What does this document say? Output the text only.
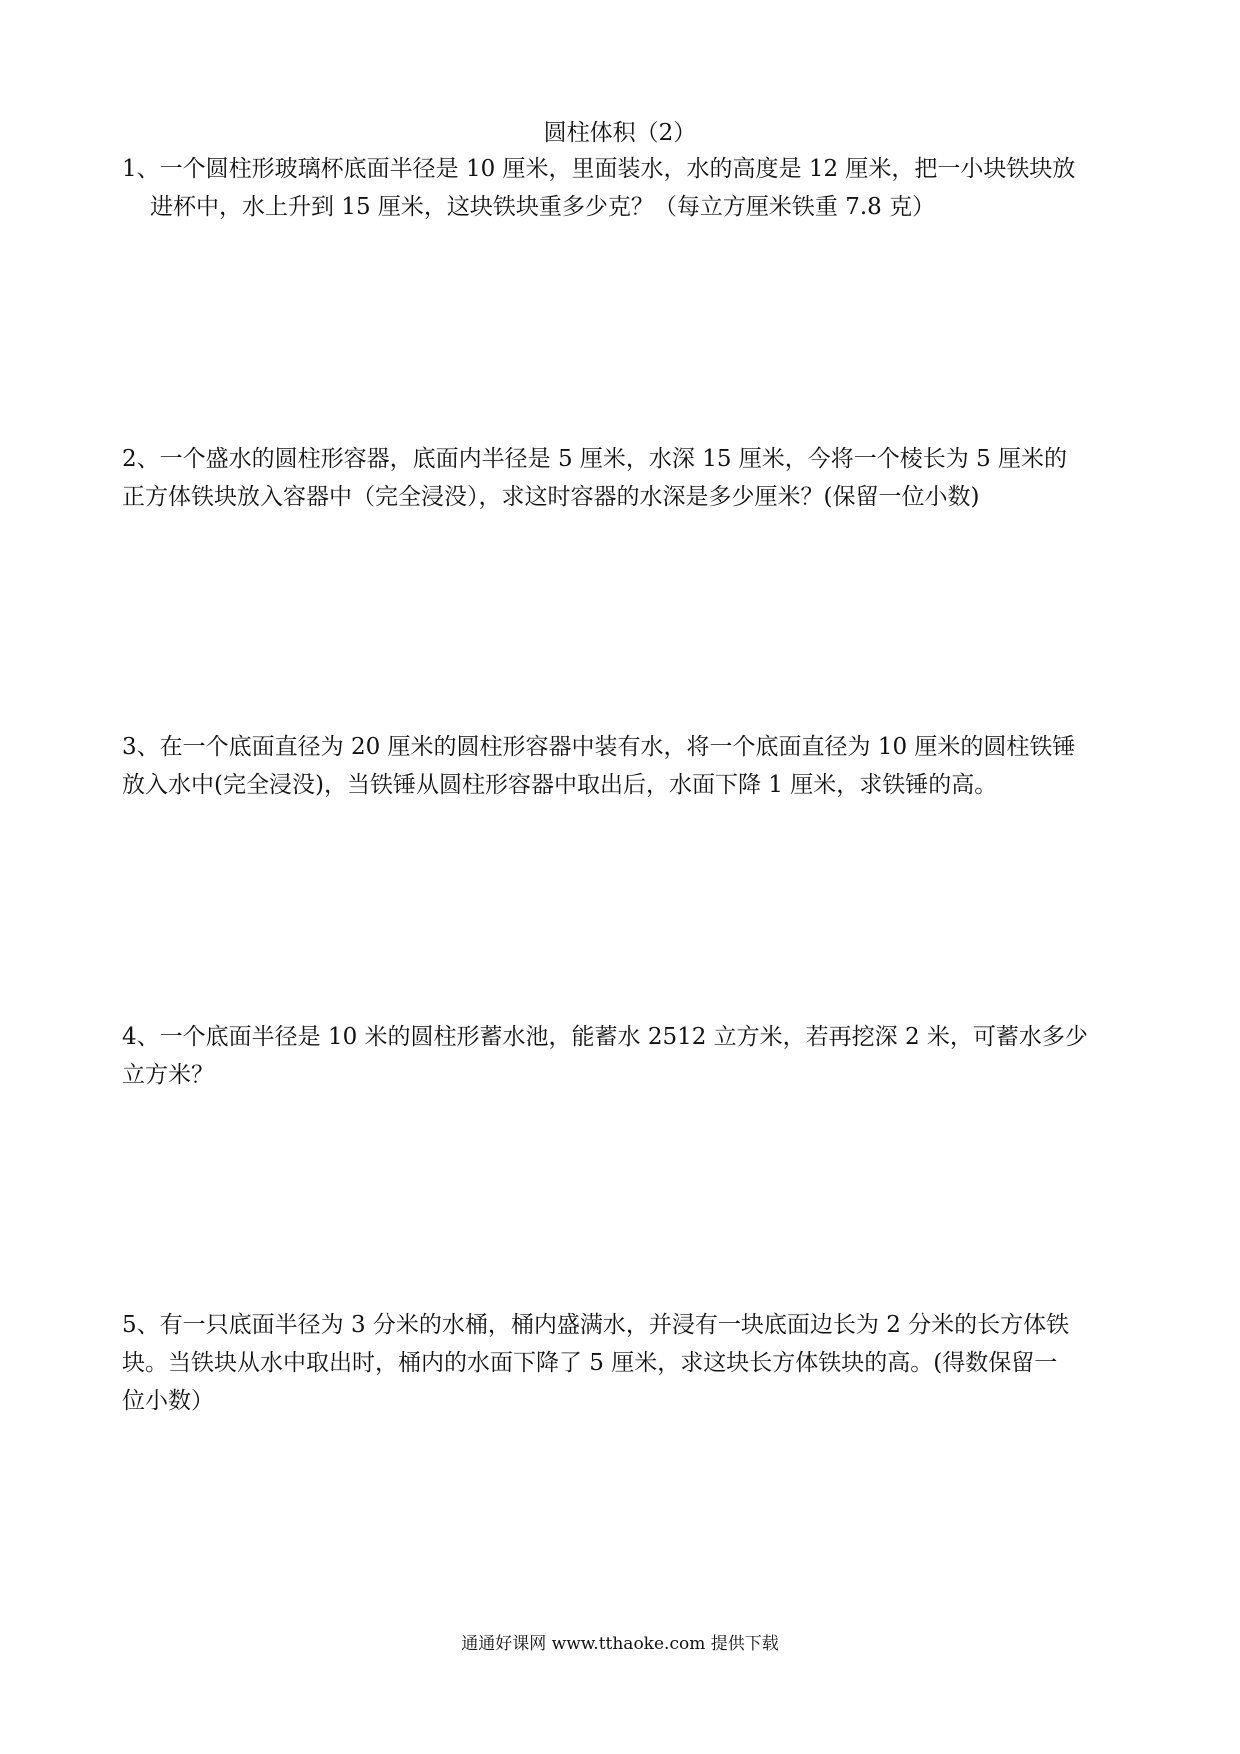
圆柱体积（2）

1、一个圆柱形玻璃杯底面半径是 10 厘米，里面装水，水的高度是 12 厘米，把一小块铁块放

进杯中，水上升到 15 厘米，这块铁块重多少克？（每立方厘米铁重 7.8 克）

2、一个盛水的圆柱形容器，底面内半径是 5 厘米，水深 15 厘米，今将一个棱长为 5 厘米的

正方体铁块放入容器中（完全浸没），求这时容器的水深是多少厘米？(保留一位小数)

3、在一个底面直径为 20 厘米的圆柱形容器中装有水，将一个底面直径为 10 厘米的圆柱铁锤

放入水中(完全浸没)，当铁锤从圆柱形容器中取出后，水面下降 1 厘米，求铁锤的高。

4、一个底面半径是 10 米的圆柱形蓄水池，能蓄水 2512 立方米，若再挖深 2 米，可蓄水多少

立方米？

5、有一只底面半径为 3 分米的水桶，桶内盛满水，并浸有一块底面边长为 2 分米的长方体铁

块。当铁块从水中取出时，桶内的水面下降了 5 厘米，求这块长方体铁块的高。(得数保留一

位小数）

通通好课网 www.tthaoke.com 提供下载
